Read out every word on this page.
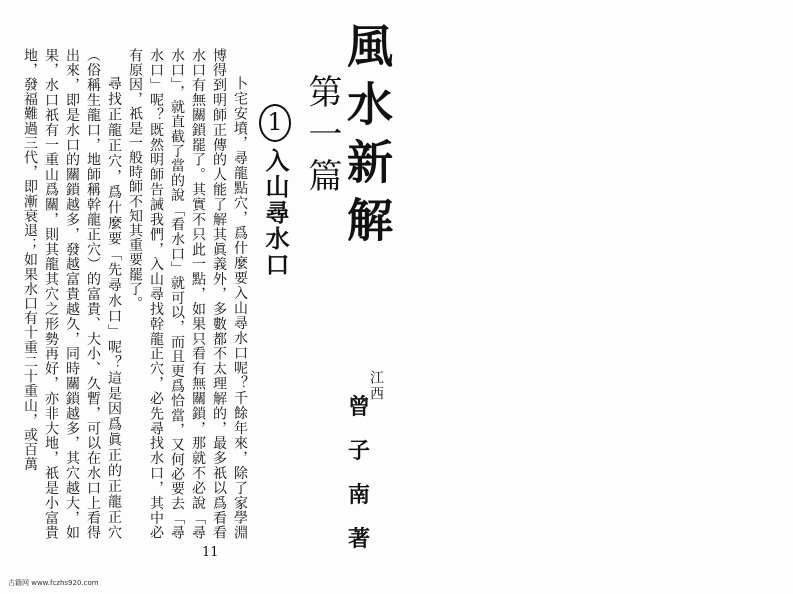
風水新解
第一篇
1入山尋水口
江西
曾
子
南
著

卜宅安墳，尋龍點穴，爲什麼要入山尋水口呢？千餘年來，除了家學淵博得到明師正傳的人能了解其眞義外，多數都不太理解的，最多祇以爲看看水口有無關鎖罷了。其實不只此一點，如果只看有無關鎖，那就不必說「尋水口」，就直截了當的說「看水口」就可以，而且更爲恰當，又何必要去「尋水口」呢？既然明師告誡我們，入山尋找幹龍正穴，必先尋找水口，其中必有原因，祇是一般時師不知其重要罷了。

尋找正龍正穴，爲什麼要「先尋水口」呢？這是因爲眞正的正龍正穴（俗稱生龍口，地師稱幹龍正穴）的富貴、大小、久暫，可以在水口上看得出來，即是水口的關鎖越多，發越富貴越久，同時關鎖越多，其穴越大，如果，水口祇有一重山爲關，則其龍其穴之形勢再好，亦非大地，祇是小富貴地，發福難過三代，即漸衰退；如果水口有十重二十重山，或百萬

11
古籍网 www.fczhs920.com
